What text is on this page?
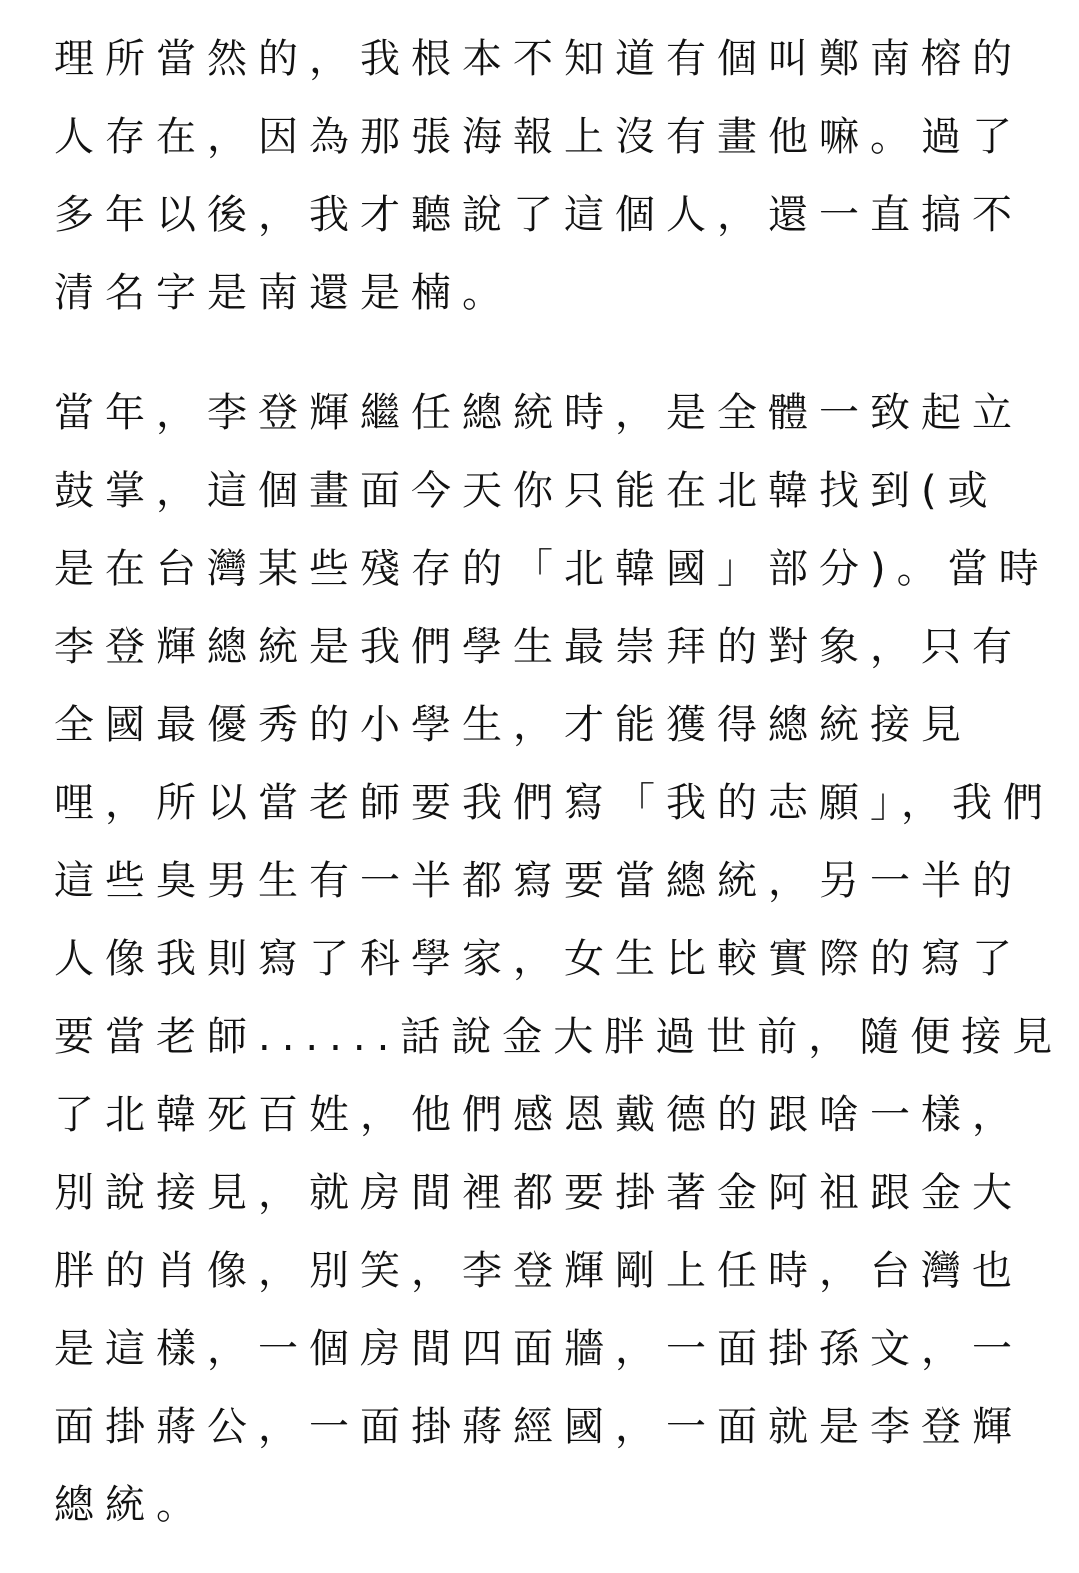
理所當然的，我根本不知道有個叫鄭南榕的
人存在，因為那張海報上沒有畫他嘛。過了
多年以後，我才聽說了這個人，還一直搞不
清名字是南還是楠。

當年，李登輝繼任總統時，是全體一致起立
鼓掌，這個畫面今天你只能在北韓找到(或
是在台灣某些殘存的「北韓國」部分)。當時
李登輝總統是我們學生最崇拜的對象，只有
全國最優秀的小學生，才能獲得總統接見
哩，所以當老師要我們寫「我的志願」，我們
這些臭男生有一半都寫要當總統，另一半的
人像我則寫了科學家，女生比較實際的寫了
要當老師......話說金大胖過世前，隨便接見
了北韓死百姓，他們感恩戴德的跟啥一樣，
別說接見，就房間裡都要掛著金阿祖跟金大
胖的肖像，別笑，李登輝剛上任時，台灣也
是這樣，一個房間四面牆，一面掛孫文，一
面掛蔣公，一面掛蔣經國，一面就是李登輝
總統。
